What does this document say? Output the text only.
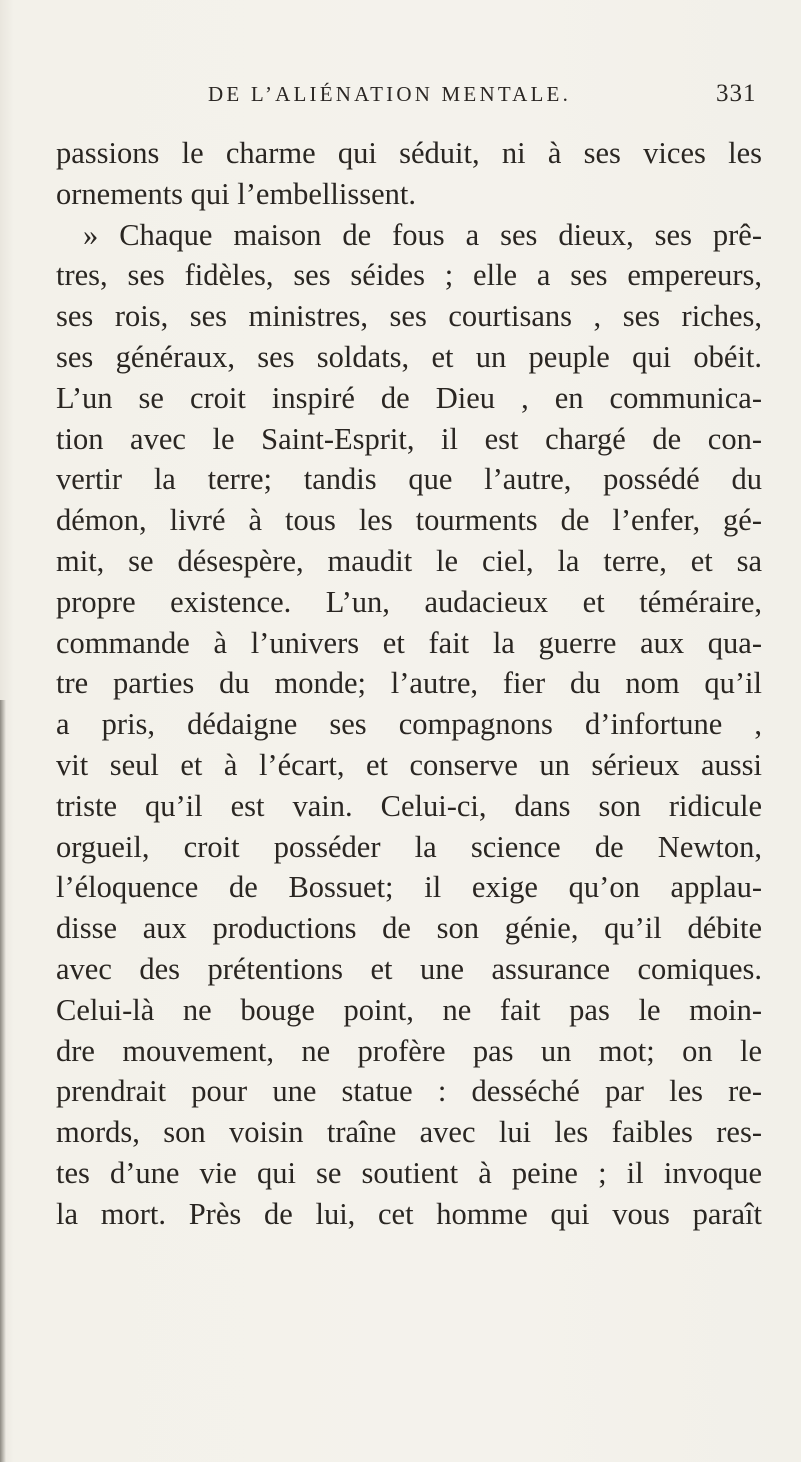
DE L’ALIÉNATION MENTALE.	331
passions le charme qui séduit, ni à ses vices les
ornements qui l’embellissent.
» Chaque maison de fous a ses dieux, ses prê-
tres, ses fidèles, ses séides ; elle a ses empereurs,
ses rois, ses ministres, ses courtisans , ses riches,
ses généraux, ses soldats, et un peuple qui obéit.
L’un se croit inspiré de Dieu , en communica-
tion avec le Saint-Esprit, il est chargé de con-
vertir la terre; tandis que l’autre, possédé du
démon, livré à tous les tourments de l’enfer, gé-
mit, se désespère, maudit le ciel, la terre, et sa
propre existence. L’un, audacieux et téméraire,
commande à l’univers et fait la guerre aux qua-
tre parties du monde; l’autre, fier du nom qu’il
a pris, dédaigne ses compagnons d’infortune ,
vit seul et à l’écart, et conserve un sérieux aussi
triste qu’il est vain. Celui-ci, dans son ridicule
orgueil, croit posséder la science de Newton,
l’éloquence de Bossuet; il exige qu’on applau-
disse aux productions de son génie, qu’il débite
avec des prétentions et une assurance comiques.
Celui-là ne bouge point, ne fait pas le moin-
dre mouvement, ne profère pas un mot; on le
prendrait pour une statue : desséché par les re-
mords, son voisin traîne avec lui les faibles res-
tes d’une vie qui se soutient à peine ; il invoque
la mort. Près de lui, cet homme qui vous paraît
